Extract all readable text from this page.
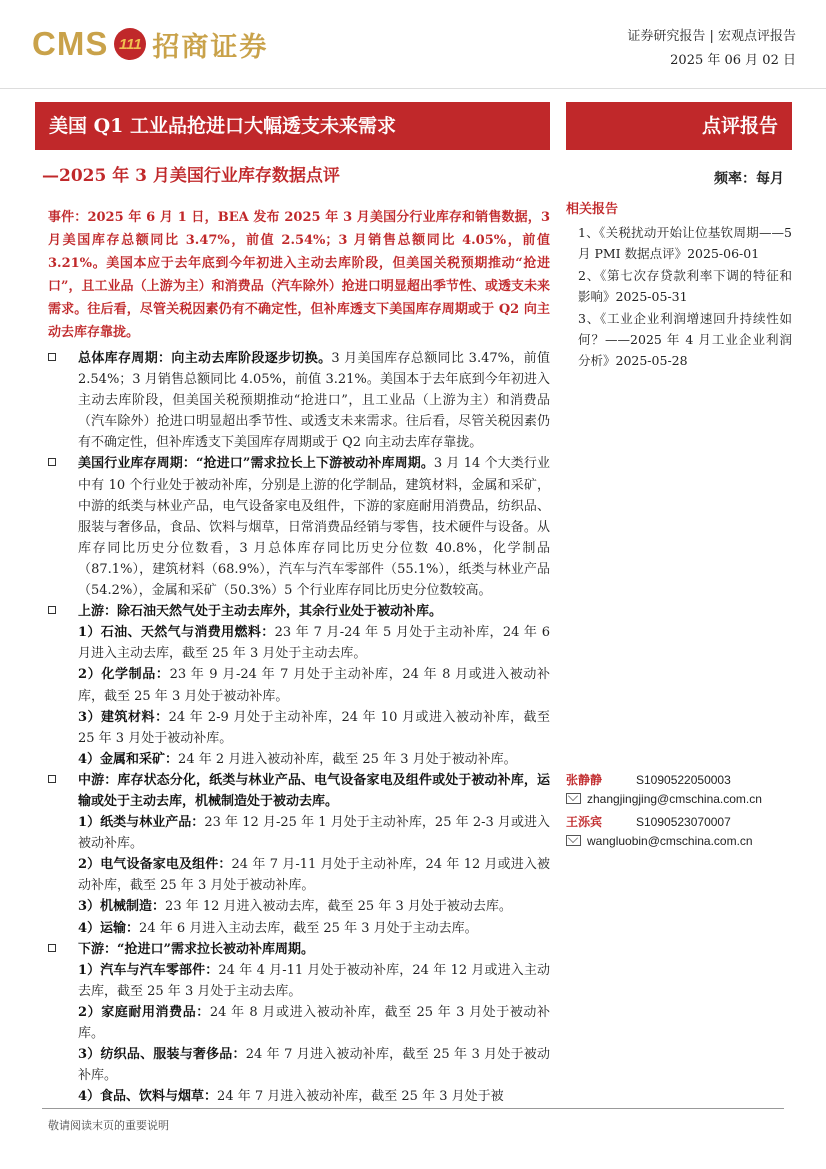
CMS 111 招商证券	证券研究报告 | 宏观点评报告
2025 年 06 月 02 日
美国 Q1 工业品抢进口大幅透支未来需求	点评报告
—2025 年 3 月美国行业库存数据点评	频率：每月
事件：2025 年 6 月 1 日，BEA 发布 2025 年 3 月美国分行业库存和销售数据，3 月美国库存总额同比 3.47%，前值 2.54%；3 月销售总额同比 4.05%，前值 3.21%。美国本应于去年底到今年初进入主动去库阶段，但美国关税预期推动“抢进口”，且工业品（上游为主）和消费品（汽车除外）抢进口明显超出季节性、或透支未来需求。往后看，尽管关税因素仍有不确定性，但补库透支下美国库存周期或于 Q2 向主动去库存靠拢。
相关报告
1、《关税扰动开始让位基钦周期——5 月 PMI 数据点评》2025-06-01
2、《第七次存贷款利率下调的特征和影响》2025-05-31
3、《工业企业利润增速回升持续性如何？——2025 年 4 月工业企业利润分析》2025-05-28
张静静	S1090522050003
zhangjingjing@cmschina.com.cn
王泺宾	S1090523070007
wangluobin@cmschina.com.cn

总体库存周期：向主动去库阶段逐步切换。3 月美国库存总额同比 3.47%，前值 2.54%；3 月销售总额同比 4.05%，前值 3.21%。美国本于去年底到今年初进入主动去库阶段，但美国关税预期推动“抢进口”，且工业品（上游为主）和消费品（汽车除外）抢进口明显超出季节性、或透支未来需求。往后看，尽管关税因素仍有不确定性，但补库透支下美国库存周期或于 Q2 向主动去库存靠拢。

美国行业库存周期：“抢进口”需求拉长上下游被动补库周期。3 月 14 个大类行业中有 10 个行业处于被动补库，分别是上游的化学制品，建筑材料，金属和采矿，中游的纸类与林业产品，电气设备家电及组件，下游的家庭耐用消费品，纺织品、服装与奢侈品，食品、饮料与烟草，日常消费品经销与零售，技术硬件与设备。从库存同比历史分位数看，3 月总体库存同比历史分位数 40.8%，化学制品（87.1%），建筑材料（68.9%），汽车与汽车零部件（55.1%），纸类与林业产品（54.2%），金属和采矿（50.3%）5 个行业库存同比历史分位数较高。

上游：除石油天然气处于主动去库外，其余行业处于被动补库。

1）石油、天然气与消费用燃料：23 年 7 月-24 年 5 月处于主动补库，24 年 6 月进入主动去库，截至 25 年 3 月处于主动去库。

2）化学制品：23 年 9 月-24 年 7 月处于主动补库，24 年 8 月或进入被动补库，截至 25 年 3 月处于被动补库。

3）建筑材料：24 年 2-9 月处于主动补库，24 年 10 月或进入被动补库，截至 25 年 3 月处于被动补库。

4）金属和采矿：24 年 2 月进入被动补库，截至 25 年 3 月处于被动补库。

中游：库存状态分化，纸类与林业产品、电气设备家电及组件或处于被动补库，运输或处于主动去库，机械制造处于被动去库。

1）纸类与林业产品：23 年 12 月-25 年 1 月处于主动补库，25 年 2-3 月或进入被动补库。

2）电气设备家电及组件：24 年 7 月-11 月处于主动补库，24 年 12 月或进入被动补库，截至 25 年 3 月处于被动补库。

3）机械制造：23 年 12 月进入被动去库，截至 25 年 3 月处于被动去库。

4）运输：24 年 6 月进入主动去库，截至 25 年 3 月处于主动去库。

下游：“抢进口”需求拉长被动补库周期。

1）汽车与汽车零部件：24 年 4 月-11 月处于被动补库，24 年 12 月或进入主动去库，截至 25 年 3 月处于主动去库。

2）家庭耐用消费品：24 年 8 月或进入被动补库，截至 25 年 3 月处于被动补库。

3）纺织品、服装与奢侈品：24 年 7 月进入被动补库，截至 25 年 3 月处于被动补库。

4）食品、饮料与烟草：24 年 7 月进入被动补库，截至 25 年 3 月处于被

敬请阅读末页的重要说明
